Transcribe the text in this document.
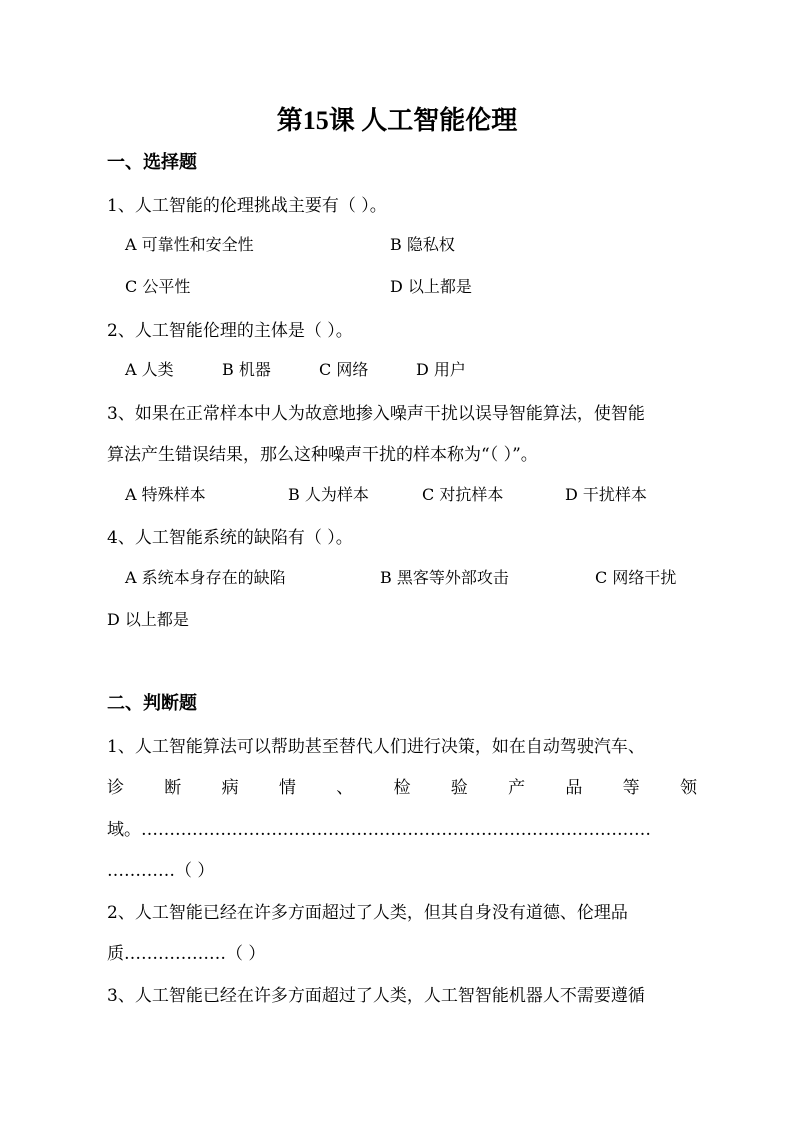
第15课 人工智能伦理
一、选择题
1、人工智能的伦理挑战主要有（ ）。
A 可靠性和安全性	B 隐私权
C 公平性	D 以上都是
2、人工智能伦理的主体是（ ）。
A 人类	B 机器	C 网络	D 用户
3、如果在正常样本中人为故意地掺入噪声干扰以误导智能算法，使智能
算法产生错误结果，那么这种噪声干扰的样本称为“（ ）”。
A 特殊样本	B 人为样本	C 对抗样本	D 干扰样本
4、人工智能系统的缺陷有（ ）。
A 系统本身存在的缺陷	B 黑客等外部攻击	C 网络干扰
D 以上都是
二、判断题
1、人工智能算法可以帮助甚至替代人们进行决策，如在自动驾驶汽车、
诊 断 病 情 、 检 验 产 品 等 领
域。………………………………………………………………………………
…………（ ）
2、人工智能已经在许多方面超过了人类，但其自身没有道德、伦理品
质………………（ ）
3、人工智能已经在许多方面超过了人类，人工智智能机器人不需要遵循
